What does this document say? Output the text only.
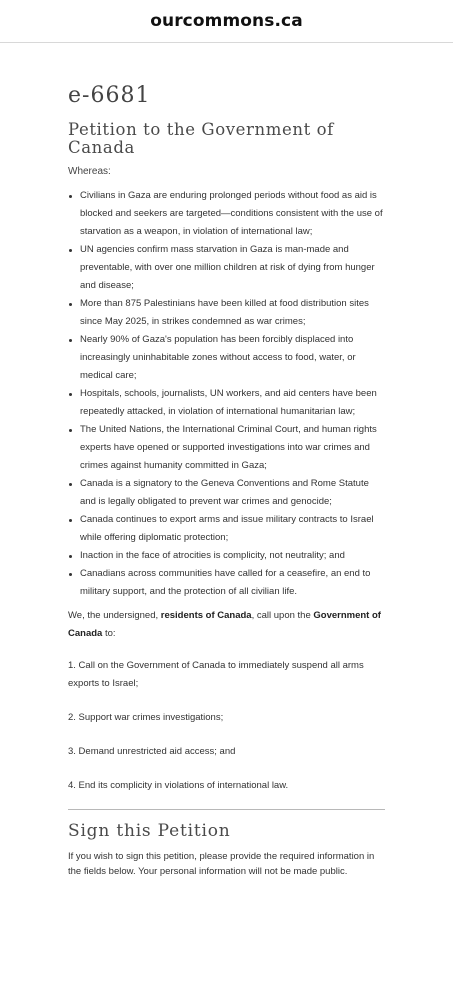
ourcommons.ca
e-6681
Petition to the Government of Canada

Whereas:

Civilians in Gaza are enduring prolonged periods without food as aid is blocked and seekers are targeted—conditions consistent with the use of starvation as a weapon, in violation of international law;
UN agencies confirm mass starvation in Gaza is man-made and preventable, with over one million children at risk of dying from hunger and disease;
More than 875 Palestinians have been killed at food distribution sites since May 2025, in strikes condemned as war crimes;
Nearly 90% of Gaza's population has been forcibly displaced into increasingly uninhabitable zones without access to food, water, or medical care;
Hospitals, schools, journalists, UN workers, and aid centers have been repeatedly attacked, in violation of international humanitarian law;
The United Nations, the International Criminal Court, and human rights experts have opened or supported investigations into war crimes and crimes against humanity committed in Gaza;
Canada is a signatory to the Geneva Conventions and Rome Statute and is legally obligated to prevent war crimes and genocide;
Canada continues to export arms and issue military contracts to Israel while offering diplomatic protection;
Inaction in the face of atrocities is complicity, not neutrality; and
Canadians across communities have called for a ceasefire, an end to military support, and the protection of all civilian life.

We, the undersigned, residents of Canada, call upon the Government of Canada to:

1. Call on the Government of Canada to immediately suspend all arms exports to Israel;

2. Support war crimes investigations;

3. Demand unrestricted aid access; and

4. End its complicity in violations of international law.

Sign this Petition

If you wish to sign this petition, please provide the required information in the fields below. Your personal information will not be made public.
